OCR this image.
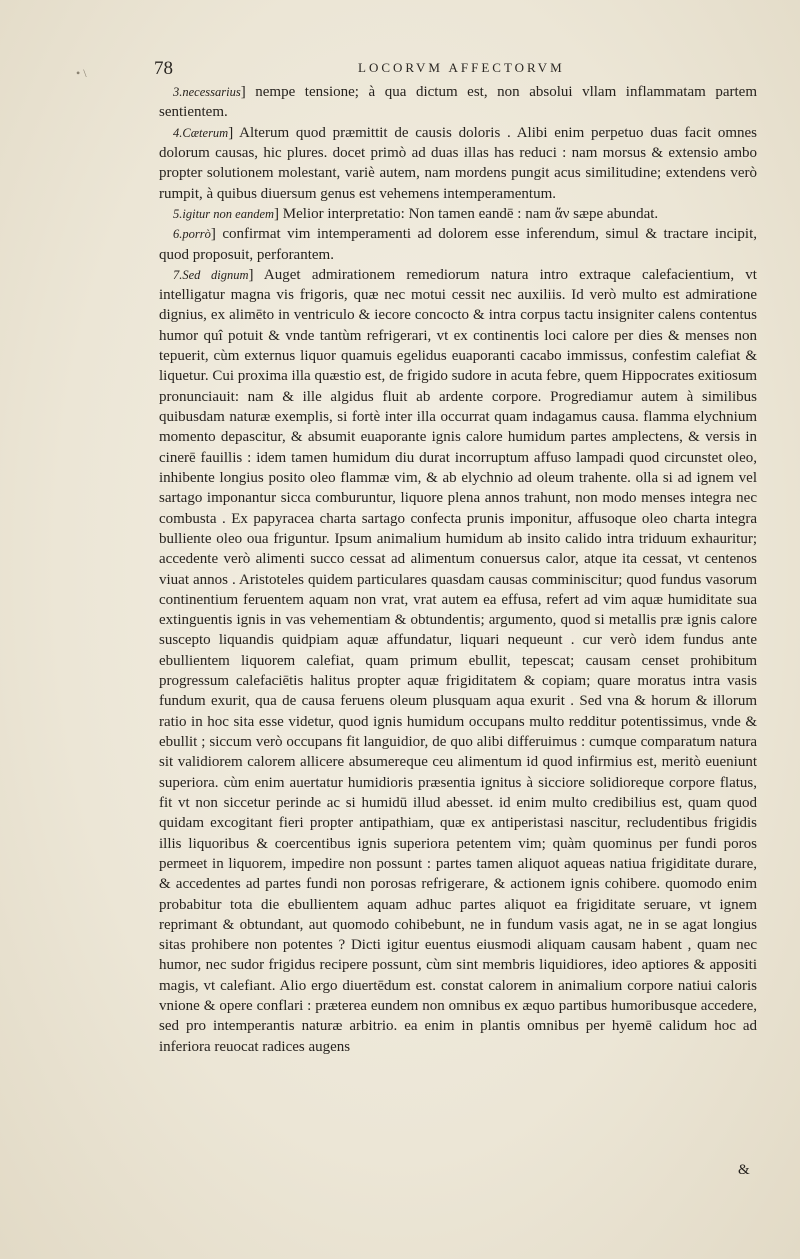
• \	78	LOCORVM AFFECTORVM

3.necessarius] nempe tensione; à qua dictum est, non absolui vllam inflammatam partem sentientem.

4.Cæterum] Alterum quod præmittit de causis doloris . Alibi enim perpetuo duas facit omnes dolorum causas, hic plures. docet primò ad duas illas has reduci : nam morsus & extensio ambo propter solutionem molestant, variè autem, nam mordens pungit acus similitudine; extendens verò rumpit, à quibus diuersum genus est vehemens intemperamentum.

5.igitur non eandem] Melior interpretatio: Non tamen eandē : nam ἄν sæpe abundat.

6.porrò] confirmat vim intemperamenti ad dolorem esse inferendum, simul & tractare incipit, quod proposuit, perforantem.

7.Sed dignum] Auget admirationem remediorum natura intro extraque calefacientium, vt intelligatur magna vis frigoris, quæ nec motui cessit nec auxiliis. Id verò multo est admiratione dignius, ex alimēto in ventriculo & iecore concocto & intra corpus tactu insigniter calens contentus humor quî potuit & vnde tantùm refrigerari, vt ex continentis loci calore per dies & menses non tepuerit, cùm externus liquor quamuis egelidus euaporanti cacabo immissus, confestim calefiat & liquetur. Cui proxima illa quæstio est, de frigido sudore in acuta febre, quem Hippocrates exitiosum pronunciauit: nam & ille algidus fluit ab ardente corpore. Progrediamur autem à similibus quibusdam naturæ exemplis, si fortè inter illa occurrat quam indagamus causa. flamma elychnium momento depascitur, & absumit euaporante ignis calore humidum partes amplectens, & versis in cinerē fauillis : idem tamen humidum diu durat incorruptum affuso lampadi quod circunstet oleo, inhibente longius posito oleo flammæ vim, & ab elychnio ad oleum trahente. olla si ad ignem vel sartago imponantur sicca comburuntur, liquore plena annos trahunt, non modo menses integra nec combusta . Ex papyracea charta sartago confecta prunis imponitur, affusoque oleo charta integra bulliente oleo oua friguntur. Ipsum animalium humidum ab insito calido intra triduum exhauritur; accedente verò alimenti succo cessat ad alimentum conuersus calor, atque ita cessat, vt centenos viuat annos . Aristoteles quidem particulares quasdam causas comminiscitur; quod fundus vasorum continentium feruentem aquam non vrat, vrat autem ea effusa, refert ad vim aquæ humiditate sua extinguentis ignis in vas vehementiam & obtundentis; argumento, quod si metallis præ ignis calore suscepto liquandis quidpiam aquæ affundatur, liquari nequeunt . cur verò idem fundus ante ebullientem liquorem calefiat, quam primum ebullit, tepescat; causam censet prohibitum progressum calefaciētis halitus propter aquæ frigiditatem & copiam; quare moratus intra vasis fundum exurit, qua de causa feruens oleum plusquam aqua exurit . Sed vna & horum & illorum ratio in hoc sita esse videtur, quod ignis humidum occupans multo redditur potentissimus, vnde & ebullit ; siccum verò occupans fit languidior, de quo alibi differuimus : cumque comparatum natura sit validiorem calorem allicere absumereque ceu alimentum id quod infirmius est, meritò eueniunt superiora. cùm enim auertatur humidioris præsentia ignitus à sicciore solidioreque corpore flatus, fit vt non siccetur perinde ac si humidū illud abesset. id enim multo credibilius est, quam quod quidam excogitant fieri propter antipathiam, quæ ex antiperistasi nascitur, recludentibus frigidis illis liquoribus & coercentibus ignis superiora petentem vim; quàm quominus per fundi poros permeet in liquorem, impedire non possunt : partes tamen aliquot aqueas natiua frigiditate durare, & accedentes ad partes fundi non porosas refrigerare, & actionem ignis cohibere. quomodo enim probabitur tota die ebullientem aquam adhuc partes aliquot ea frigiditate seruare, vt ignem reprimant & obtundant, aut quomodo cohibebunt, ne in fundum vasis agat, ne in se agat longius sitas prohibere non potentes ? Dicti igitur euentus eiusmodi aliquam causam habent , quam nec humor, nec sudor frigidus recipere possunt, cùm sint membris liquidiores, ideo aptiores & appositi magis, vt calefiant. Alio ergo diuertēdum est. constat calorem in animalium corpore natiui caloris vnione & opere conflari : præterea eundem non omnibus ex æquo partibus humoribusque accedere, sed pro intemperantis naturæ arbitrio. ea enim in plantis omnibus per hyemē calidum hoc ad inferiora reuocat radices augens

&
